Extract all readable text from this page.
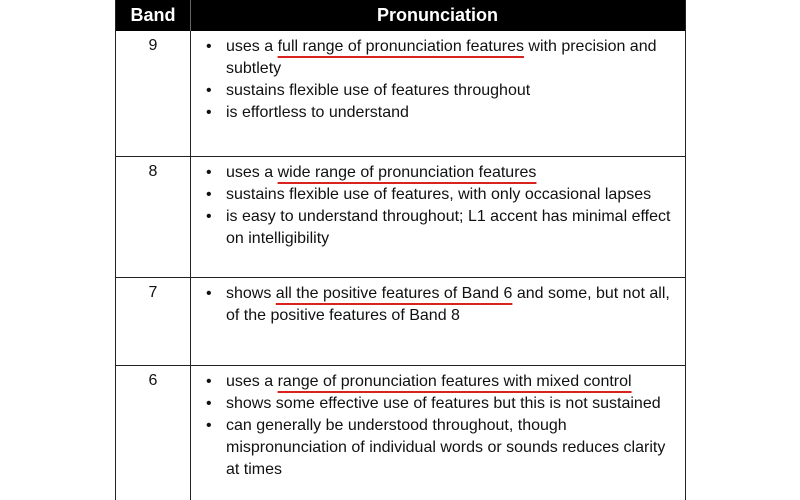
Band	Pronunciation
9	• uses a full range of pronunciation features with precision and subtlety
• sustains flexible use of features throughout
• is effortless to understand
8	• uses a wide range of pronunciation features
• sustains flexible use of features, with only occasional lapses
• is easy to understand throughout; L1 accent has minimal effect on intelligibility
7	• shows all the positive features of Band 6 and some, but not all, of the positive features of Band 8
6	• uses a range of pronunciation features with mixed control
• shows some effective use of features but this is not sustained
• can generally be understood throughout, though mispronunciation of individual words or sounds reduces clarity at times
